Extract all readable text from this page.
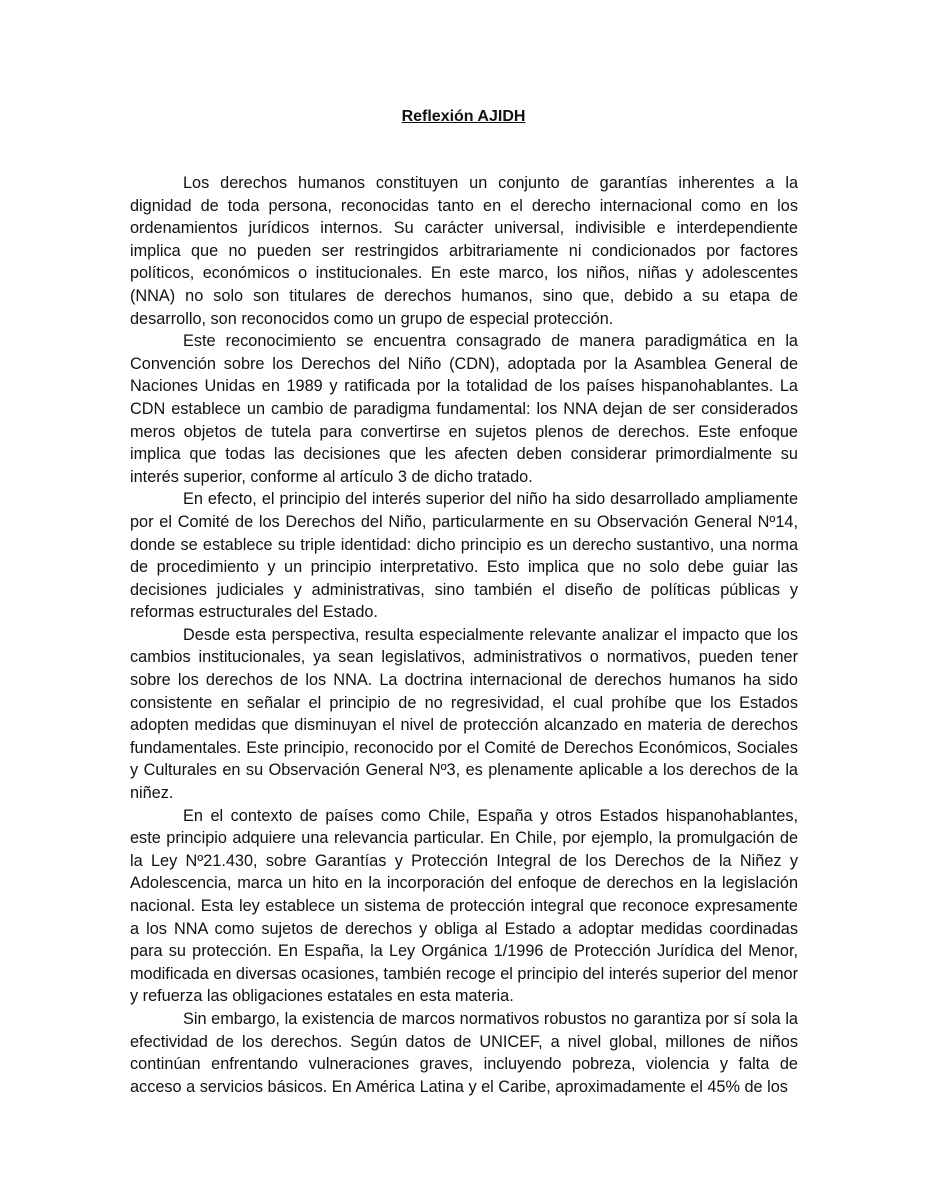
Reflexión AJIDH

Los derechos humanos constituyen un conjunto de garantías inherentes a la dignidad de toda persona, reconocidas tanto en el derecho internacional como en los ordenamientos jurídicos internos. Su carácter universal, indivisible e interdependiente implica que no pueden ser restringidos arbitrariamente ni condicionados por factores políticos, económicos o institucionales. En este marco, los niños, niñas y adolescentes (NNA) no solo son titulares de derechos humanos, sino que, debido a su etapa de desarrollo, son reconocidos como un grupo de especial protección.

Este reconocimiento se encuentra consagrado de manera paradigmática en la Convención sobre los Derechos del Niño (CDN), adoptada por la Asamblea General de Naciones Unidas en 1989 y ratificada por la totalidad de los países hispanohablantes. La CDN establece un cambio de paradigma fundamental: los NNA dejan de ser considerados meros objetos de tutela para convertirse en sujetos plenos de derechos. Este enfoque implica que todas las decisiones que les afecten deben considerar primordialmente su interés superior, conforme al artículo 3 de dicho tratado.

En efecto, el principio del interés superior del niño ha sido desarrollado ampliamente por el Comité de los Derechos del Niño, particularmente en su Observación General Nº14, donde se establece su triple identidad: dicho principio es un derecho sustantivo, una norma de procedimiento y un principio interpretativo. Esto implica que no solo debe guiar las decisiones judiciales y administrativas, sino también el diseño de políticas públicas y reformas estructurales del Estado.

Desde esta perspectiva, resulta especialmente relevante analizar el impacto que los cambios institucionales, ya sean legislativos, administrativos o normativos, pueden tener sobre los derechos de los NNA. La doctrina internacional de derechos humanos ha sido consistente en señalar el principio de no regresividad, el cual prohíbe que los Estados adopten medidas que disminuyan el nivel de protección alcanzado en materia de derechos fundamentales. Este principio, reconocido por el Comité de Derechos Económicos, Sociales y Culturales en su Observación General Nº3, es plenamente aplicable a los derechos de la niñez.

En el contexto de países como Chile, España y otros Estados hispanohablantes, este principio adquiere una relevancia particular. En Chile, por ejemplo, la promulgación de la Ley Nº21.430, sobre Garantías y Protección Integral de los Derechos de la Niñez y Adolescencia, marca un hito en la incorporación del enfoque de derechos en la legislación nacional. Esta ley establece un sistema de protección integral que reconoce expresamente a los NNA como sujetos de derechos y obliga al Estado a adoptar medidas coordinadas para su protección. En España, la Ley Orgánica 1/1996 de Protección Jurídica del Menor, modificada en diversas ocasiones, también recoge el principio del interés superior del menor y refuerza las obligaciones estatales en esta materia.

Sin embargo, la existencia de marcos normativos robustos no garantiza por sí sola la efectividad de los derechos. Según datos de UNICEF, a nivel global, millones de niños continúan enfrentando vulneraciones graves, incluyendo pobreza, violencia y falta de acceso a servicios básicos. En América Latina y el Caribe, aproximadamente el 45% de los
